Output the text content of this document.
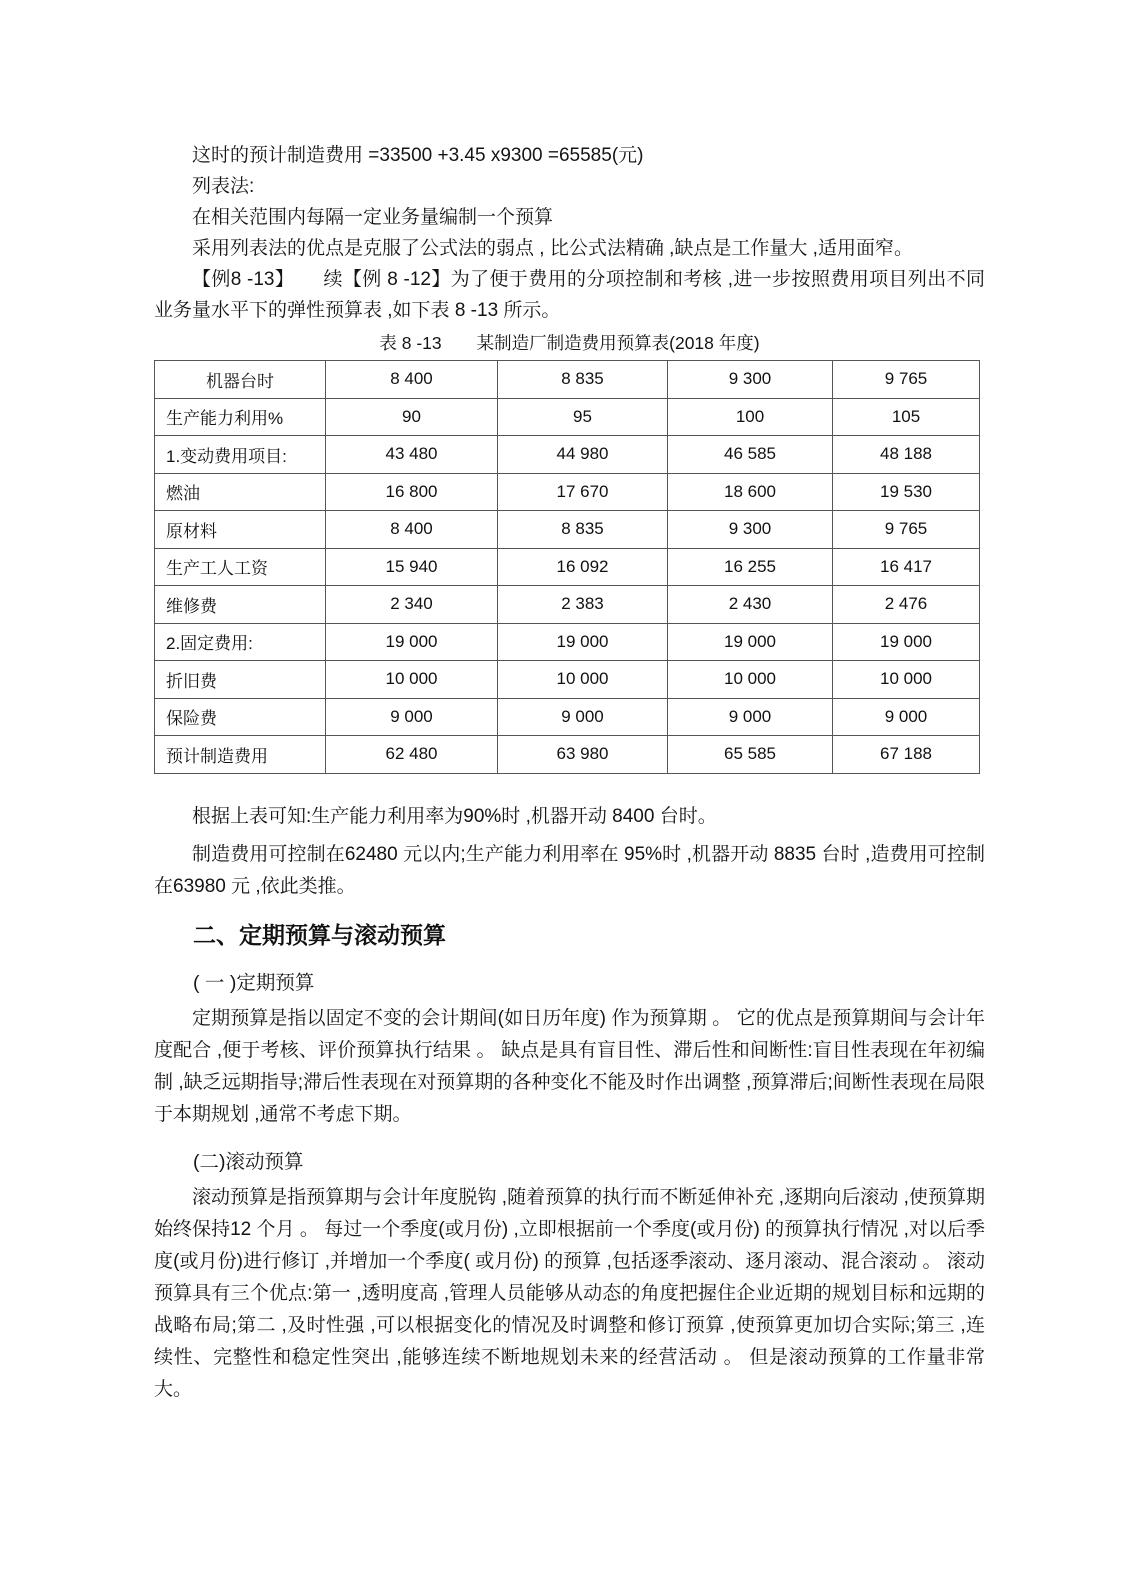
这时的预计制造费用 =33500 +3.45 x9300 =65585(元)

列表法:

在相关范围内每隔一定业务量编制一个预算

采用列表法的优点是克服了公式法的弱点 , 比公式法精确 ,缺点是工作量大 ,适用面窄。

【例8 -13】　　续【例 8 -12】为了便于费用的分项控制和考核 ,进一步按照费用项目列出不同业务量水平下的弹性预算表 ,如下表 8 -13 所示。

表 8 -13　　某制造厂制造费用预算表(2018 年度)

机器台时	8 400	8 835	9 300	9 765
生产能力利用%	90	95	100	105
1.变动费用项目:	43 480	44 980	46 585	48 188
燃油	16 800	17 670	18 600	19 530
原材料	8 400	8 835	9 300	9 765
生产工人工资	15 940	16 092	16 255	16 417
维修费	2 340	2 383	2 430	2 476
2.固定费用:	19 000	19 000	19 000	19 000
折旧费	10 000	10 000	10 000	10 000
保险费	9 000	9 000	9 000	9 000
预计制造费用	62 480	63 980	65 585	67 188

根据上表可知:生产能力利用率为90%时 ,机器开动 8400 台时。

制造费用可控制在62480 元以内;生产能力利用率在 95%时 ,机器开动 8835 台时 ,造费用可控制在63980 元 ,依此类推。

二、定期预算与滚动预算

( 一 )定期预算

定期预算是指以固定不变的会计期间(如日历年度) 作为预算期 。 它的优点是预算期间与会计年度配合 ,便于考核、评价预算执行结果 。 缺点是具有盲目性、滞后性和间断性:盲目性表现在年初编制 ,缺乏远期指导;滞后性表现在对预算期的各种变化不能及时作出调整 ,预算滞后;间断性表现在局限于本期规划 ,通常不考虑下期。

(二)滚动预算

滚动预算是指预算期与会计年度脱钩 ,随着预算的执行而不断延伸补充 ,逐期向后滚动 ,使预算期始终保持12 个月 。 每过一个季度(或月份) ,立即根据前一个季度(或月份) 的预算执行情况 ,对以后季度(或月份)进行修订 ,并增加一个季度( 或月份) 的预算 ,包括逐季滚动、逐月滚动、混合滚动 。 滚动预算具有三个优点:第一 ,透明度高 ,管理人员能够从动态的角度把握住企业近期的规划目标和远期的战略布局;第二 ,及时性强 ,可以根据变化的情况及时调整和修订预算 ,使预算更加切合实际;第三 ,连续性、完整性和稳定性突出 ,能够连续不断地规划未来的经营活动 。 但是滚动预算的工作量非常大。
